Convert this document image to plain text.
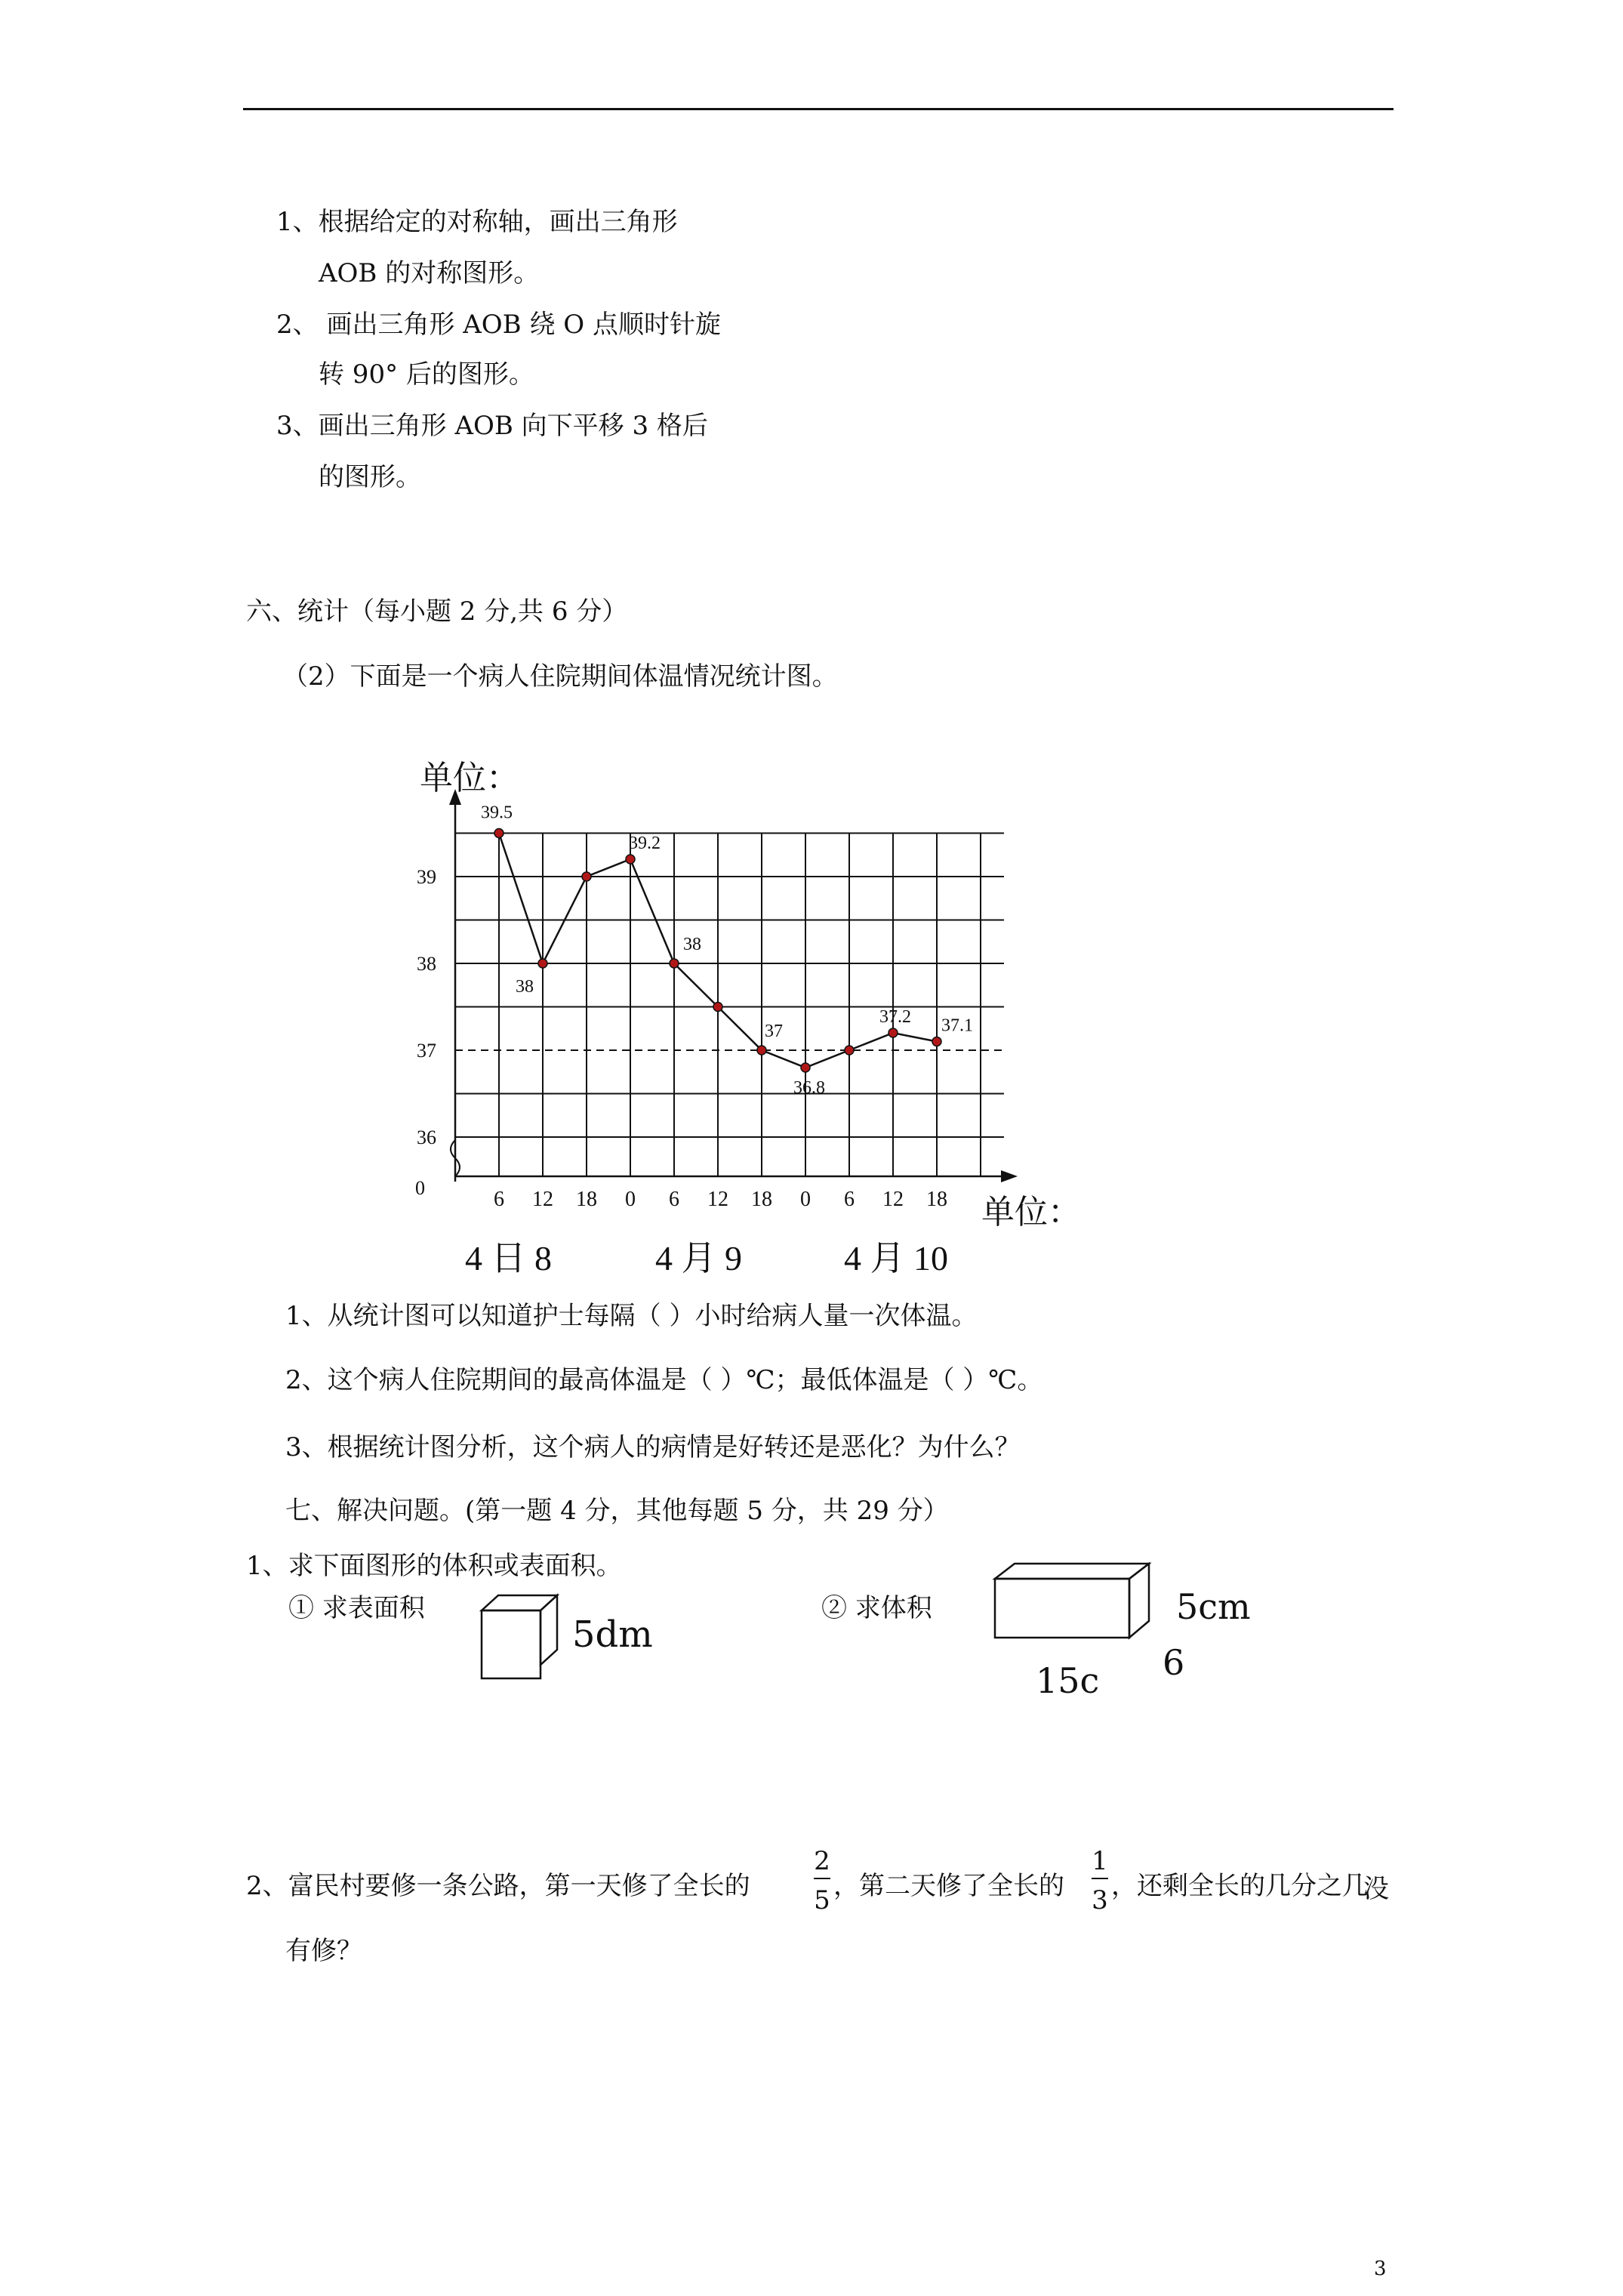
1、根据给定的对称轴，画出三角形
AOB 的对称图形。
2、 画出三角形 AOB 绕 O 点顺时针旋
转 90° 后的图形。
3、画出三角形 AOB 向下平移 3 格后
的图形。
六、统计（每小题 2 分,共 6 分）
（2）下面是一个病人住院期间体温情况统计图。
单位：
单位：
0
36
37
38
39
6 12 18 0 6 12 18 0 6 12 18
39.5
38
39.2
38
37
36.8
37.2 37.1
4 日 8	4 月 9	4 月 10
1、从统计图可以知道护士每隔（ ）小时给病人量一次体温。
2、这个病人住院期间的最高体温是（ ）℃；最低体温是（ ）℃。
3、根据统计图分析，这个病人的病情是好转还是恶化？为什么？
七、解决问题。(第一题 4 分，其他每题 5 分，共 29 分）
1、求下面图形的体积或表面积。
① 求表面积	② 求体积
5dm
5cm
6
15c
2、富民村要修一条公路，第一天修了全长的
2
5 ，第二天修了全长的
1
3 ，还剩全长的几分之几
没
有修？
3
